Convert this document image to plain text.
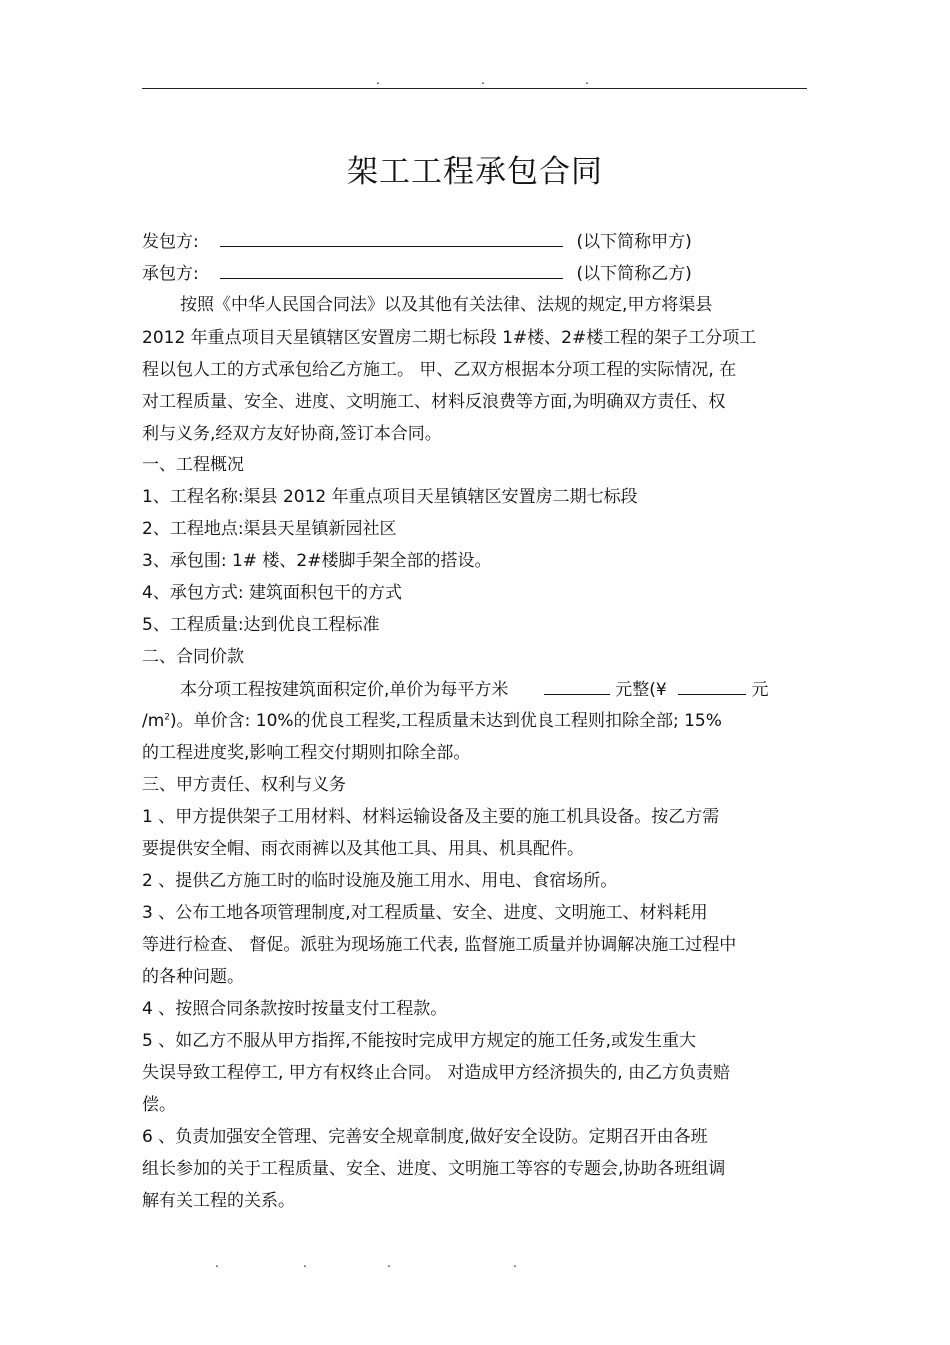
.	.	.
架工工程承包合同
发包方:	(以下简称甲方)
承包方:	(以下简称乙方)
按照《中华人民国合同法》以及其他有关法律、法规的规定,甲方将渠县
2012 年重点项目天星镇辖区安置房二期七标段 1#楼、2#楼工程的架子工分项工
程以包人工的方式承包给乙方施工。 甲、乙双方根据本分项工程的实际情况, 在
对工程质量、安全、进度、文明施工、材料反浪费等方面,为明确双方责任、权
利与义务,经双方友好协商,签订本合同。
一、工程概况
1、工程名称:渠县 2012 年重点项目天星镇辖区安置房二期七标段
2、工程地点:渠县天星镇新园社区
3、承包围: 1# 楼、2#楼脚手架全部的搭设。
4、承包方式: 建筑面积包干的方式
5、工程质量:达到优良工程标准
二、合同价款
本分项工程按建筑面积定价,单价为每平方米	元整(¥	元
$/m^2$)。单价含: 10%的优良工程奖,工程质量未达到优良工程则扣除全部; 15%
的工程进度奖,影响工程交付期则扣除全部。
三、甲方责任、权利与义务
1 、甲方提供架子工用材料、材料运输设备及主要的施工机具设备。按乙方需
要提供安全帽、雨衣雨裤以及其他工具、用具、机具配件。
2 、提供乙方施工时的临时设施及施工用水、用电、食宿场所。
3 、公布工地各项管理制度,对工程质量、安全、进度、文明施工、材料耗用
等进行检查、 督促。派驻为现场施工代表, 监督施工质量并协调解决施工过程中
的各种问题。
4 、按照合同条款按时按量支付工程款。
5 、如乙方不服从甲方指挥,不能按时完成甲方规定的施工任务,或发生重大
失误导致工程停工, 甲方有权终止合同。 对造成甲方经济损失的, 由乙方负责赔
偿。
6 、负责加强安全管理、完善安全规章制度,做好安全设防。定期召开由各班
组长参加的关于工程质量、安全、进度、文明施工等容的专题会,协助各班组调
解有关工程的关系。
.	.	.	.
